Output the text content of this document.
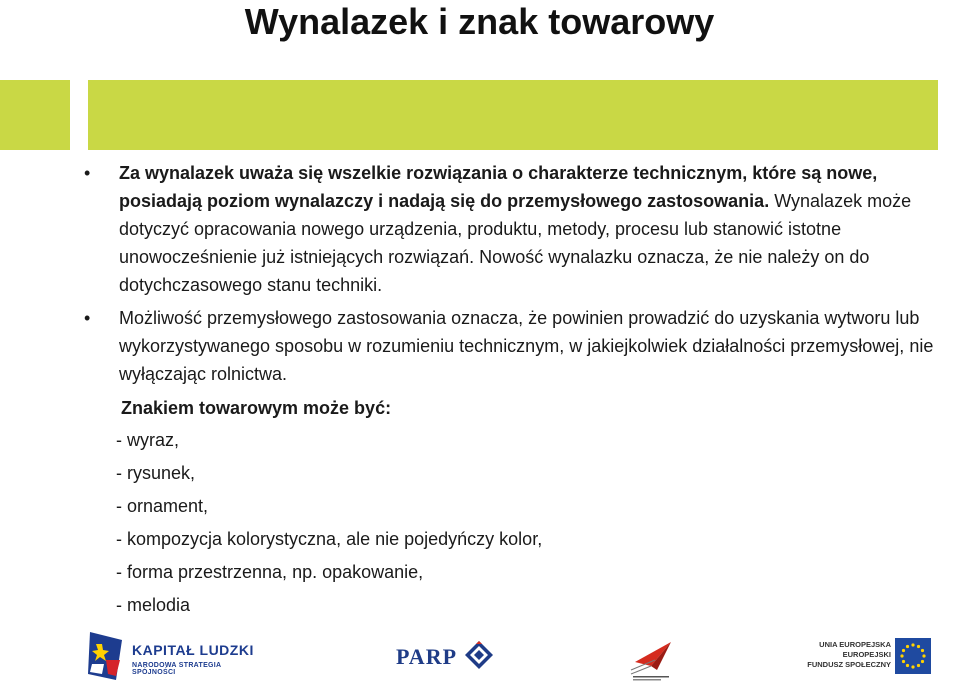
Wynalazek i znak towarowy
• Za wynalazek uważa się wszelkie rozwiązania o charakterze technicznym, które są nowe, posiadają poziom wynalazczy i nadają się do przemysłowego zastosowania. Wynalazek może dotyczyć opracowania nowego urządzenia, produktu, metody, procesu lub stanowić istotne unowocześnienie już istniejących rozwiązań. Nowość wynalazku oznacza, że nie należy on do dotychczasowego stanu techniki.
• Możliwość przemysłowego zastosowania oznacza, że powinien prowadzić do uzyskania wytworu lub wykorzystywanego sposobu w rozumieniu technicznym, w jakiejkolwiek działalności przemysłowej, nie wyłączając rolnictwa.
Znakiem towarowym może być:
- wyraz,
- rysunek,
- ornament,
- kompozycja kolorystyczna, ale nie pojedyńczy kolor,
- forma przestrzenna, np. opakowanie,
- melodia
KAPITAŁ LUDZKI
NARODOWA STRATEGIA SPÓJNOŚCI
PARP	UNIA EUROPEJSKA
EUROPEJSKI
FUNDUSZ SPOŁECZNY
